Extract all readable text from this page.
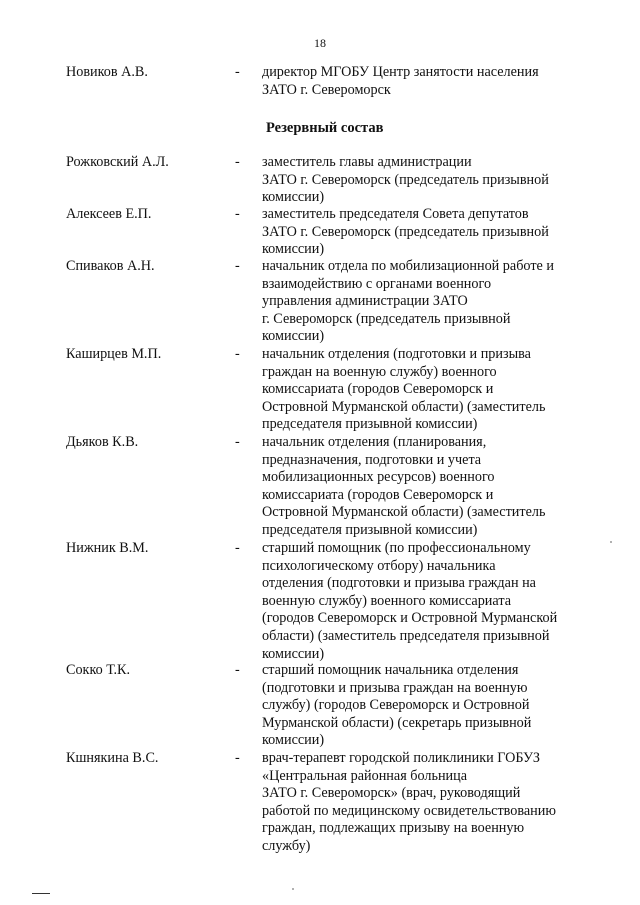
18
Новиков А.В.	- директор МГОБУ Центр занятости населения
ЗАТО г. Североморск
Резервный состав
Рожковский А.Л.	- заместитель главы администрации
ЗАТО г. Североморск (председатель призывной
комиссии)
Алексеев Е.П.	- заместитель председателя Совета депутатов
ЗАТО г. Североморск (председатель призывной
комиссии)
Спиваков А.Н.	- начальник отдела по мобилизационной работе и
взаимодействию с органами военного
управления администрации ЗАТО
г. Североморск (председатель призывной
комиссии)
Каширцев М.П.	- начальник отделения (подготовки и призыва
граждан на военную службу) военного
комиссариата (городов Североморск и
Островной Мурманской области) (заместитель
председателя призывной комиссии)
Дьяков К.В.	- начальник отделения (планирования,
предназначения, подготовки и учета
мобилизационных ресурсов) военного
комиссариата (городов Североморск и
Островной Мурманской области) (заместитель
председателя призывной комиссии)
Нижник В.М.	- старший помощник (по профессиональному
психологическому отбору) начальника
отделения (подготовки и призыва граждан на
военную службу) военного комиссариата
(городов Североморск и Островной Мурманской
области) (заместитель председателя призывной
комиссии)
Сокко Т.К.	- старший помощник начальника отделения
(подготовки и призыва граждан на военную
службу) (городов Североморск и Островной
Мурманской области) (секретарь призывной
комиссии)
Кшнякина В.С.	- врач-терапевт городской поликлиники ГОБУЗ
«Центральная районная больница
ЗАТО г. Североморск» (врач, руководящий
работой по медицинскому освидетельствованию
граждан, подлежащих призыву на военную
службу)
